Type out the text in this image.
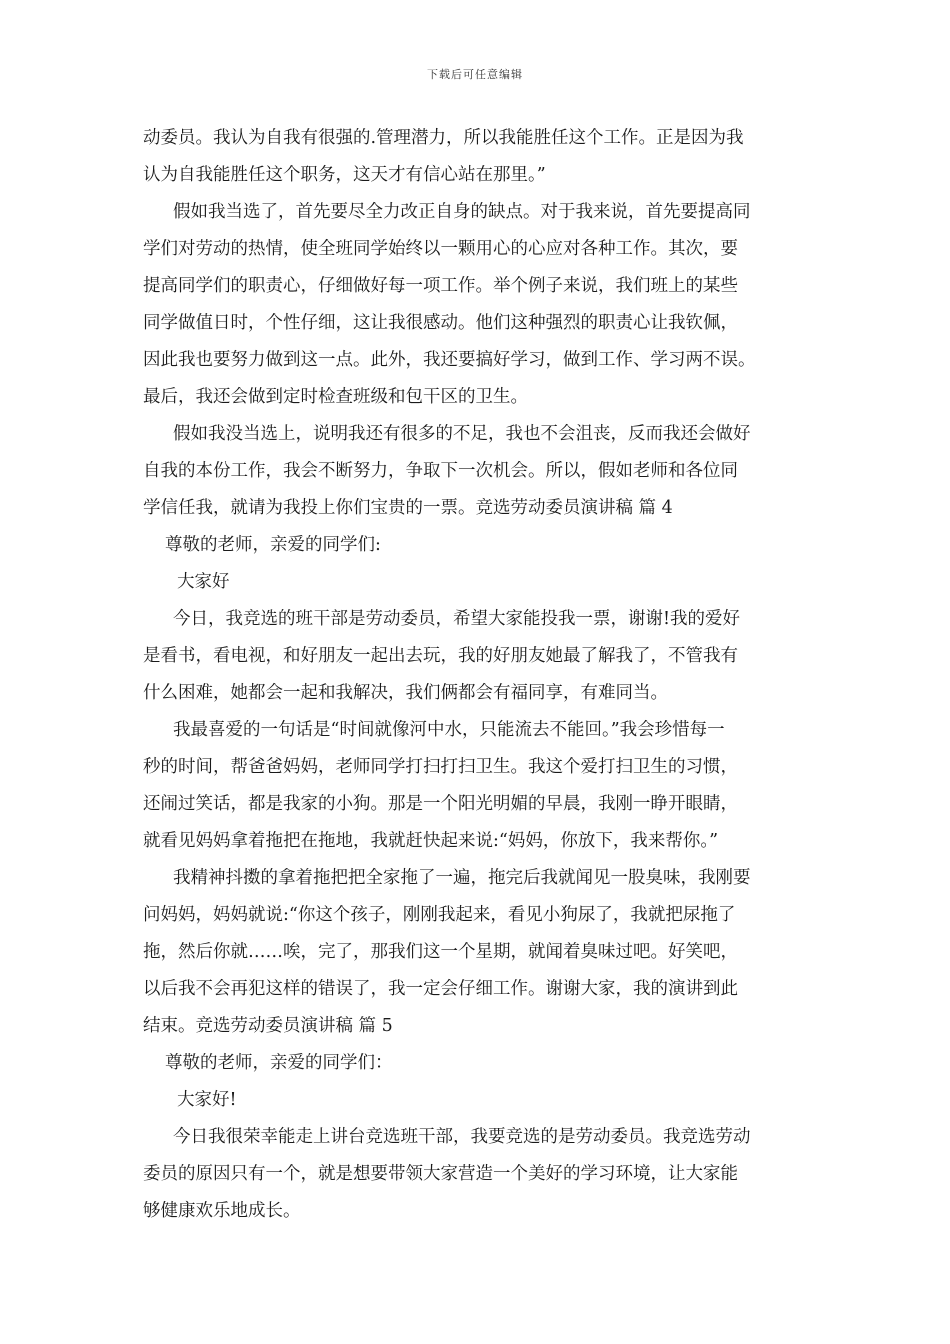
下载后可任意编辑
动委员。我认为自我有很强的.管理潜力，所以我能胜任这个工作。正是因为我
认为自我能胜任这个职务，这天才有信心站在那里。”
假如我当选了，首先要尽全力改正自身的缺点。对于我来说，首先要提高同
学们对劳动的热情，使全班同学始终以一颗用心的心应对各种工作。其次，要
提高同学们的职责心，仔细做好每一项工作。举个例子来说，我们班上的某些
同学做值日时，个性仔细，这让我很感动。他们这种强烈的职责心让我钦佩，
因此我也要努力做到这一点。此外，我还要搞好学习，做到工作、学习两不误。
最后，我还会做到定时检查班级和包干区的卫生。
假如我没当选上，说明我还有很多的不足，我也不会沮丧，反而我还会做好
自我的本份工作，我会不断努力，争取下一次机会。所以，假如老师和各位同
学信任我，就请为我投上你们宝贵的一票。竞选劳动委员演讲稿 篇 4
尊敬的老师，亲爱的同学们:
大家好
今日，我竞选的班干部是劳动委员，希望大家能投我一票，谢谢!我的爱好
是看书，看电视，和好朋友一起出去玩，我的好朋友她最了解我了，不管我有
什么困难，她都会一起和我解决，我们俩都会有福同享，有难同当。
我最喜爱的一句话是“时间就像河中水，只能流去不能回。”我会珍惜每一
秒的时间，帮爸爸妈妈，老师同学打扫打扫卫生。我这个爱打扫卫生的习惯，
还闹过笑话，都是我家的小狗。那是一个阳光明媚的早晨，我刚一睁开眼睛，
就看见妈妈拿着拖把在拖地，我就赶快起来说:“妈妈，你放下，我来帮你。”
我精神抖擞的拿着拖把把全家拖了一遍，拖完后我就闻见一股臭味，我刚要
问妈妈，妈妈就说:“你这个孩子，刚刚我起来，看见小狗尿了，我就把尿拖了
拖，然后你就……唉，完了，那我们这一个星期，就闻着臭味过吧。好笑吧，
以后我不会再犯这样的错误了，我一定会仔细工作。谢谢大家，我的演讲到此
结束。竞选劳动委员演讲稿 篇 5
尊敬的老师，亲爱的同学们：
大家好!
今日我很荣幸能走上讲台竞选班干部，我要竞选的是劳动委员。我竞选劳动
委员的原因只有一个，就是想要带领大家营造一个美好的学习环境，让大家能
够健康欢乐地成长。
